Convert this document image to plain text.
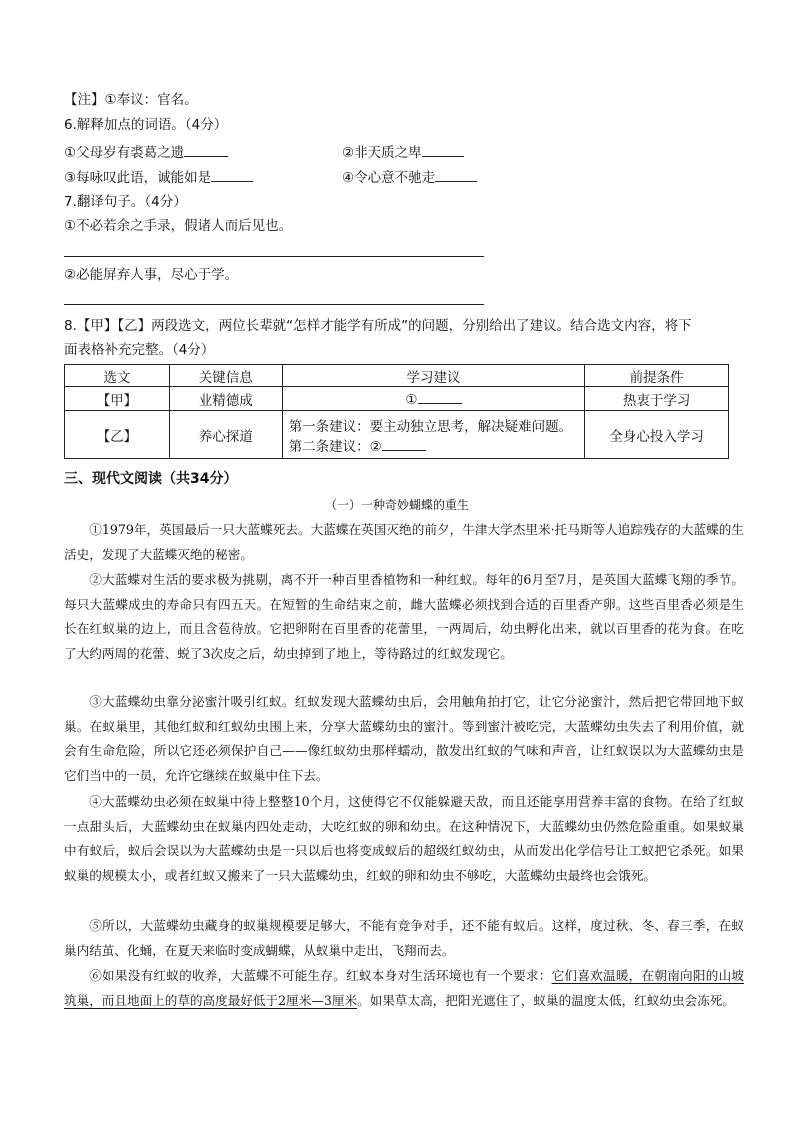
【注】①奉议：官名。
6.解释加点的词语。（4分）
①父母岁有裘葛之遗	②非天质之卑
③每咏叹此语，诚能如是	④令心意不驰走
7.翻译句子。（4分）
①不必若余之手录，假诸人而后见也。
②必能屏弃人事，尽心于学。
8.【甲】【乙】两段选文，两位长辈就“怎样才能学有所成”的问题，分别给出了建议。结合选文内容，将下
面表格补充完整。（4分）
选文	关键信息	学习建议	前提条件
【甲】	业精德成	①	热衷于学习
【乙】	养心探道	第一条建议：要主动独立思考，解决疑难问题。
第二条建议：②	全身心投入学习
三、现代文阅读（共34分）
（一）一种奇妙蝴蝶的重生
①1979年，英国最后一只大蓝蝶死去。大蓝蝶在英国灭绝的前夕，牛津大学杰里米·托马斯等人追踪残存的大蓝蝶的生活史，发现了大蓝蝶灭绝的秘密。
②大蓝蝶对生活的要求极为挑剔，离不开一种百里香植物和一种红蚁。每年的6月至7月，是英国大蓝蝶飞翔的季节。每只大蓝蝶成虫的寿命只有四五天。在短暂的生命结束之前，雌大蓝蝶必须找到合适的百里香产卵。这些百里香必须是生长在红蚁巢的边上，而且含苞待放。它把卵附在百里香的花蕾里，一两周后，幼虫孵化出来，就以百里香的花为食。在吃了大约两周的花蕾、蜕了3次皮之后，幼虫掉到了地上，等待路过的红蚁发现它。
③大蓝蝶幼虫靠分泌蜜汁吸引红蚁。红蚁发现大蓝蝶幼虫后，会用触角拍打它，让它分泌蜜汁，然后把它带回地下蚁巢。在蚁巢里，其他红蚁和红蚁幼虫围上来，分享大蓝蝶幼虫的蜜汁。等到蜜汁被吃完，大蓝蝶幼虫失去了利用价值，就会有生命危险，所以它还必须保护自己——像红蚁幼虫那样蠕动，散发出红蚁的气味和声音，让红蚁误以为大蓝蝶幼虫是它们当中的一员，允许它继续在蚁巢中住下去。
④大蓝蝶幼虫必须在蚁巢中待上整整10个月，这使得它不仅能躲避天敌，而且还能享用营养丰富的食物。在给了红蚁一点甜头后，大蓝蝶幼虫在蚁巢内四处走动，大吃红蚁的卵和幼虫。在这种情况下，大蓝蝶幼虫仍然危险重重。如果蚁巢中有蚁后，蚁后会误以为大蓝蝶幼虫是一只以后也将变成蚁后的超级红蚁幼虫，从而发出化学信号让工蚁把它杀死。如果蚁巢的规模太小，或者红蚁又搬来了一只大蓝蝶幼虫，红蚁的卵和幼虫不够吃，大蓝蝶幼虫最终也会饿死。
⑤所以，大蓝蝶幼虫藏身的蚁巢规模要足够大，不能有竞争对手，还不能有蚁后。这样，度过秋、冬、春三季，在蚁巢内结茧、化蛹，在夏天来临时变成蝴蝶，从蚁巢中走出，飞翔而去。
⑥如果没有红蚁的收养，大蓝蝶不可能生存。红蚁本身对生活环境也有一个要求：它们喜欢温暖，在朝南向阳的山坡筑巢，而且地面上的草的高度最好低于2厘米—3厘米。如果草太高，把阳光遮住了，蚁巢的温度太低，红蚁幼虫会冻死。
